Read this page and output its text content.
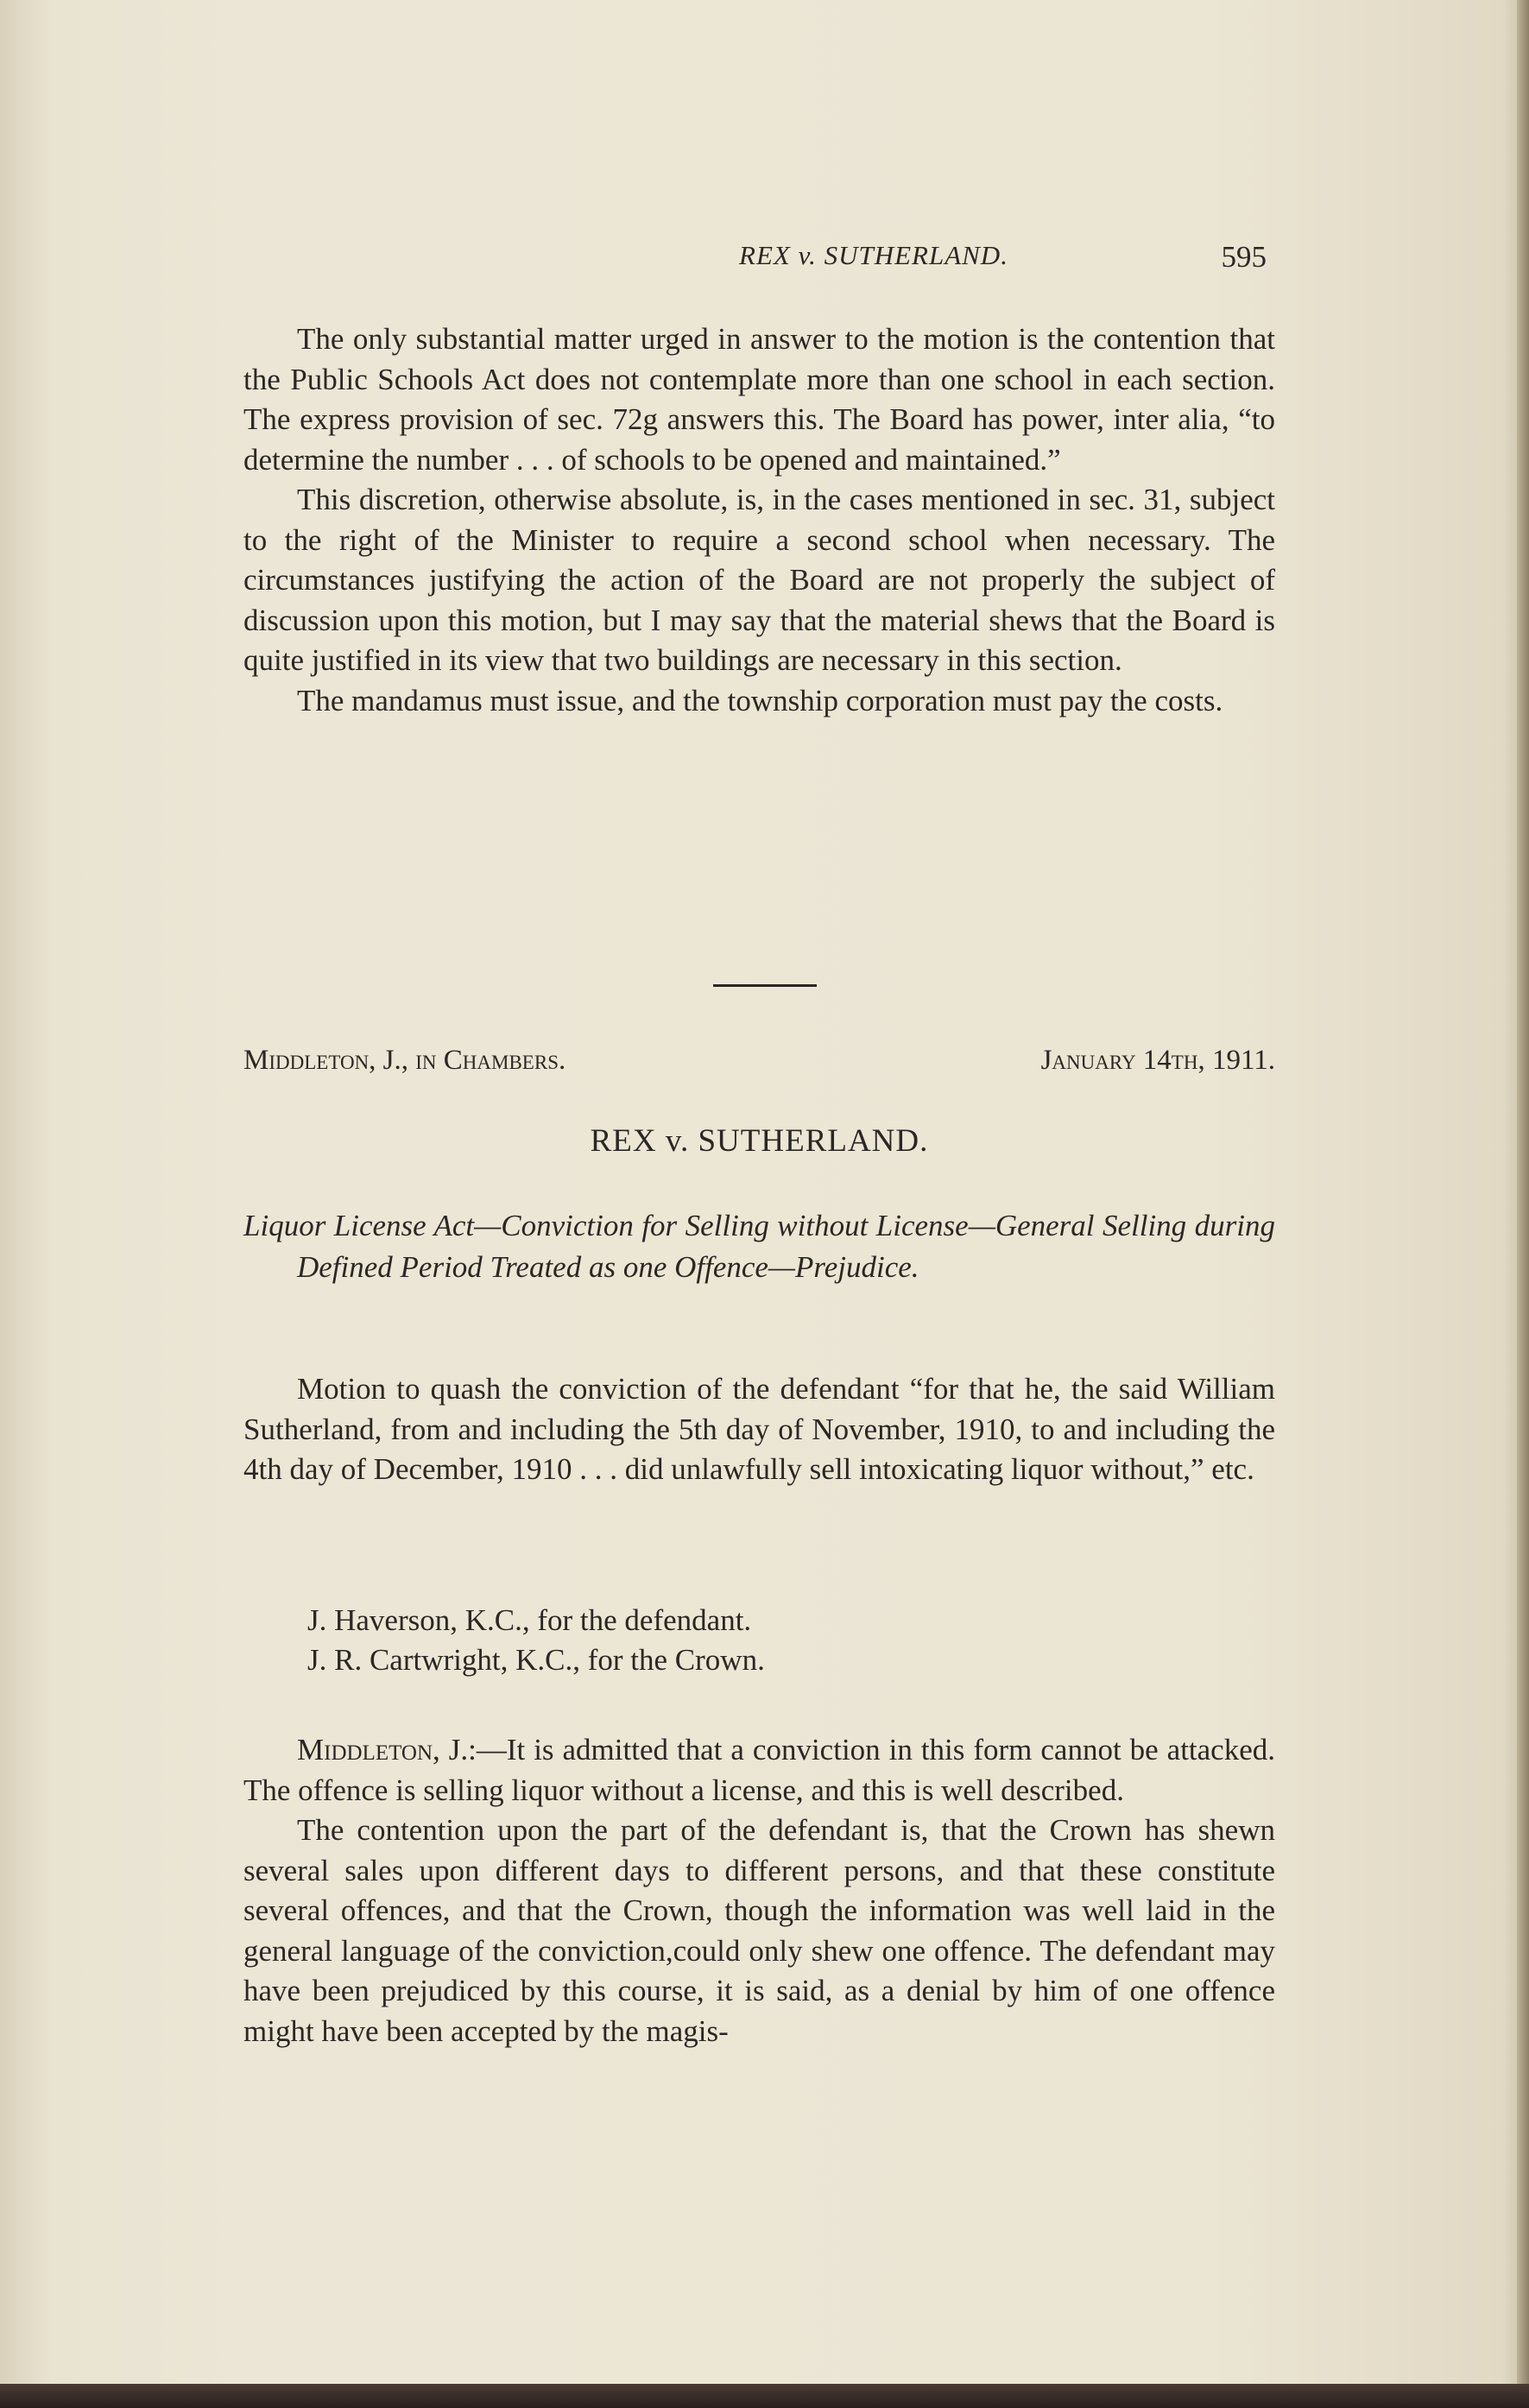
REX v. SUTHERLAND.	595

The only substantial matter urged in answer to the motion is the contention that the Public Schools Act does not contemplate more than one school in each section. The express provision of sec. 72g answers this. The Board has power, inter alia, “to determine the number . . . of schools to be opened and maintained.”

This discretion, otherwise absolute, is, in the cases mentioned in sec. 31, subject to the right of the Minister to require a second school when necessary. The circumstances justifying the action of the Board are not properly the subject of discussion upon this motion, but I may say that the material shews that the Board is quite justified in its view that two buildings are necessary in this section.

The mandamus must issue, and the township corporation must pay the costs.

Middleton, J., in Chambers.	January 14th, 1911.
REX v. SUTHERLAND.

Liquor License Act—Conviction for Selling without License—General Selling during Defined Period Treated as one Offence—Prejudice.

Motion to quash the conviction of the defendant “for that he, the said William Sutherland, from and including the 5th day of November, 1910, to and including the 4th day of December, 1910 . . . did unlawfully sell intoxicating liquor without,” etc.

J. Haverson, K.C., for the defendant.
J. R. Cartwright, K.C., for the Crown.

Middleton, J.:—It is admitted that a conviction in this form cannot be attacked. The offence is selling liquor without a license, and this is well described.

The contention upon the part of the defendant is, that the Crown has shewn several sales upon different days to different persons, and that these constitute several offences, and that the Crown, though the information was well laid in the general language of the conviction,could only shew one offence. The defendant may have been prejudiced by this course, it is said, as a denial by him of one offence might have been accepted by the magis-
